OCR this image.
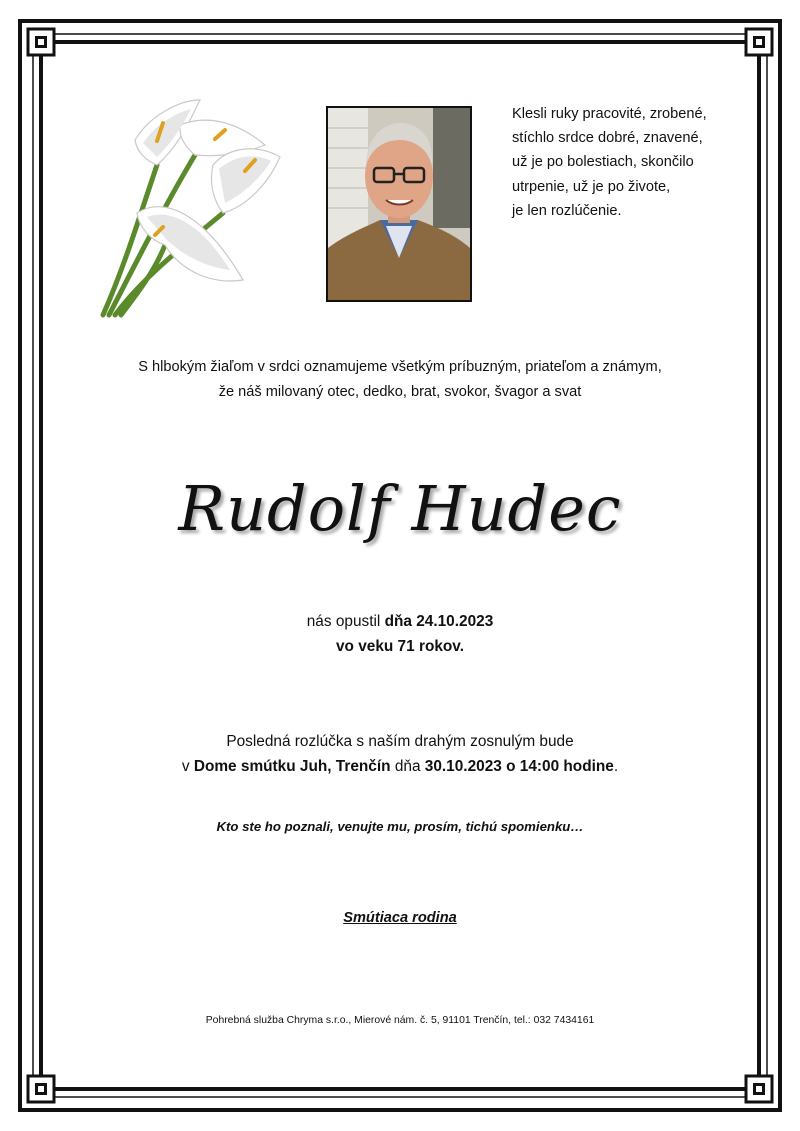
Klesli ruky pracovité, zrobené,
stíchlo srdce dobré, znavené,
už je po bolestiach, skončilo
utrpenie, už je po živote,
je len rozlúčenie.
S hlbokým žiaľom v srdci oznamujeme všetkým príbuzným, priateľom a známym,
že náš milovaný otec, dedko, brat, svokor, švagor a svat
Rudolf Hudec
nás opustil dňa 24.10.2023
vo veku 71 rokov.
Posledná rozlúčka s naším drahým zosnulým bude
v Dome smútku Juh, Trenčín dňa 30.10.2023 o 14:00 hodine.
Kto ste ho poznali, venujte mu, prosím, tichú spomienku…
Smútiaca rodina
Pohrebná služba Chryma s.r.o., Mierové nám. č. 5, 91101 Trenčín, tel.: 032 7434161
